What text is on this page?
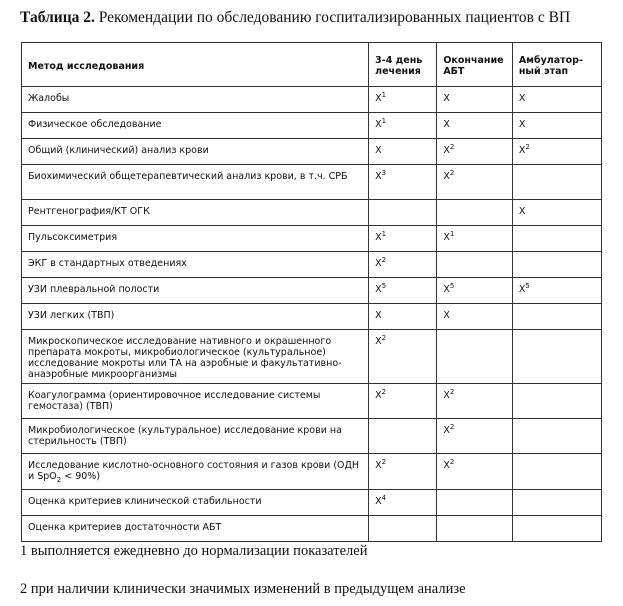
Таблица 2. Рекомендации по обследованию госпитализированных пациентов с ВП
Метод исследования	3-4 день лечения	Окончание АБТ	Амбулатор-ный этап
Жалобы	$Х^1$	Х	Х
Физическое обследование	$Х^1$	Х	Х
Общий (клинический) анализ крови	Х	$Х^2$	$Х^2$
Биохимический общетерапевтический анализ крови, в т.ч. СРБ	$Х^3$	$Х^2$	
Рентгенография/КТ ОГК			Х
Пульсоксиметрия	$Х^1$	$Х^1$	
ЭКГ в стандартных отведениях	$Х^2$		
УЗИ плевральной полости	$Х^5$	$Х^5$	$Х^5$
УЗИ легких (ТВП)	Х	Х	
Микроскопическое исследование нативного и окрашенного препарата мокроты, микробиологическое (культуральное) исследование мокроты или ТА на аэробные и факультативно-анаэробные микроорганизмы	$Х^2$		
Коагулограмма (ориентировочное исследование системы гемостаза) (ТВП)	$Х^2$	$Х^2$	
Микробиологическое (культуральное) исследование крови на стерильность (ТВП)		$Х^2$	
Исследование кислотно-основного состояния и газов крови (ОДН и SpO$_2$ < 90%)	$Х^2$	$Х^2$	
Оценка критериев клинической стабильности	$Х^4$		
Оценка критериев достаточности АБТ			
1 выполняется ежедневно до нормализации показателей
2 при наличии клинически значимых изменений в предыдущем анализе
